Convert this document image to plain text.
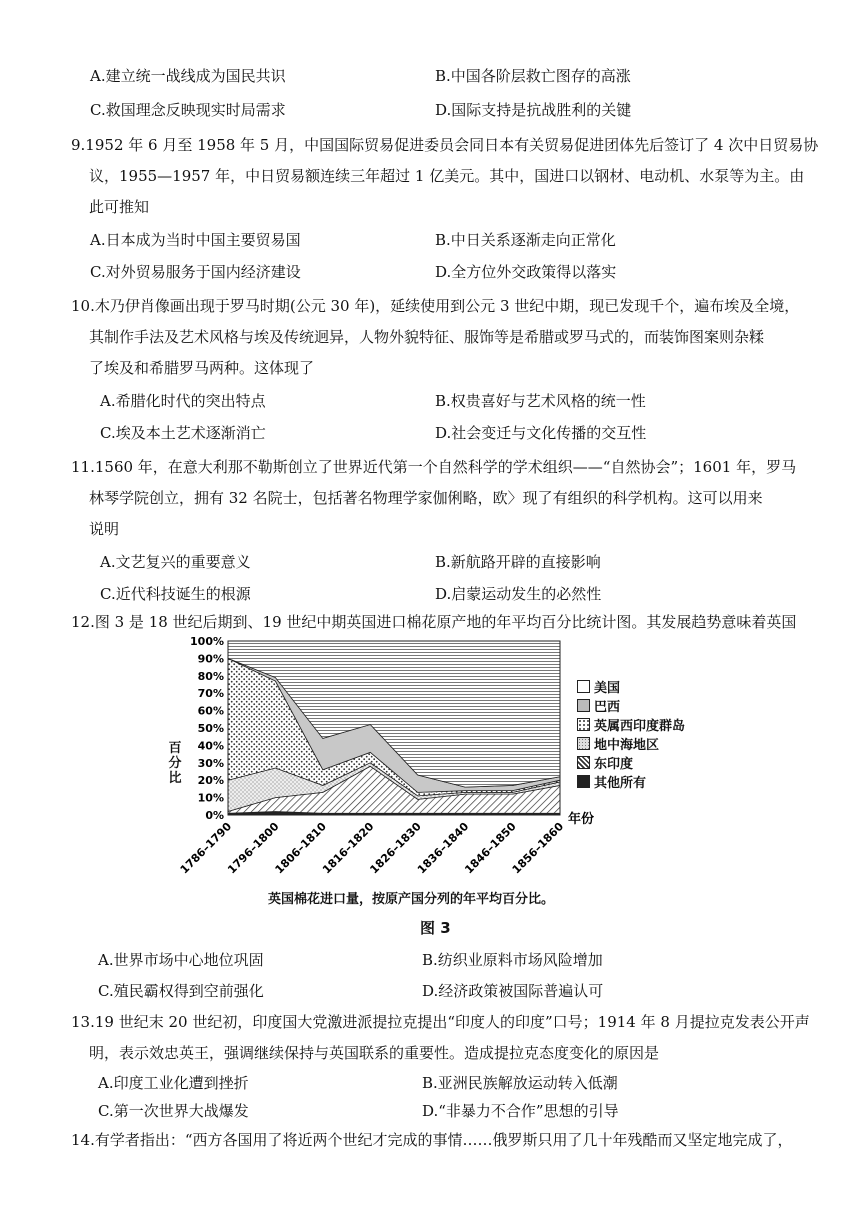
A.建立统一战线成为国民共识	B.中国各阶层救亡图存的高涨
C.救国理念反映现实时局需求	D.国际支持是抗战胜利的关键
9.1952 年 6 月至 1958 年 5 月，中国国际贸易促进委员会同日本有关贸易促进团体先后签订了 4 次中日贸易协
议，1955—1957 年，中日贸易额连续三年超过 1 亿美元。其中，国进口以钢材、电动机、水泵等为主。由
此可推知
A.日本成为当时中国主要贸易国	B.中日关系逐渐走向正常化
C.对外贸易服务于国内经济建设	D.全方位外交政策得以落实
10.木乃伊肖像画出现于罗马时期(公元 30 年)，延续使用到公元 3 世纪中期，现已发现千个，遍布埃及全境，
其制作手法及艺术风格与埃及传统迥异，人物外貌特征、服饰等是希腊或罗马式的，而装饰图案则杂糅
了埃及和希腊罗马两种。这体现了
A.希腊化时代的突出特点	B.权贵喜好与艺术风格的统一性
C.埃及本土艺术逐渐消亡	D.社会变迁与文化传播的交互性
11.1560 年，在意大利那不勒斯创立了世界近代第一个自然科学的学术组织——“自然协会”；1601 年，罗马
林琴学院创立，拥有 32 名院士，包括著名物理学家伽俐略，欧〉现了有组织的科学机构。这可以用来
说明
A.文艺复兴的重要意义	B.新航路开辟的直接影响
C.近代科技诞生的根源	D.启蒙运动发生的必然性
12.图 3 是 18 世纪后期到、19 世纪中期英国进口棉花原产地的年平均百分比统计图。其发展趋势意味着英国
0%
10%
20%
30%
40%
50%
60%
70%
80%
90%
100%
1786–1790
1796–1800
1806–1810
1816–1820
1826–1830
1836–1840
1846–1850
1856–1860
年份
百分比
美国
巴西
英属西印度群岛
地中海地区
东印度
其他所有
英国棉花进口量，按原产国分列的年平均百分比。
图 3
A.世界市场中心地位巩固	B.纺织业原料市场风险增加
C.殖民霸权得到空前强化	D.经济政策被国际普遍认可
13.19 世纪末 20 世纪初，印度国大党激进派提拉克提出“印度人的印度”口号；1914 年 8 月提拉克发表公开声
明，表示效忠英王，强调继续保持与英国联系的重要性。造成提拉克态度变化的原因是
A.印度工业化遭到挫折	B.亚洲民族解放运动转入低潮
C.第一次世界大战爆发	D.“非暴力不合作”思想的引导
14.有学者指出：“西方各国用了将近两个世纪才完成的事情……俄罗斯只用了几十年残酷而又坚定地完成了，
